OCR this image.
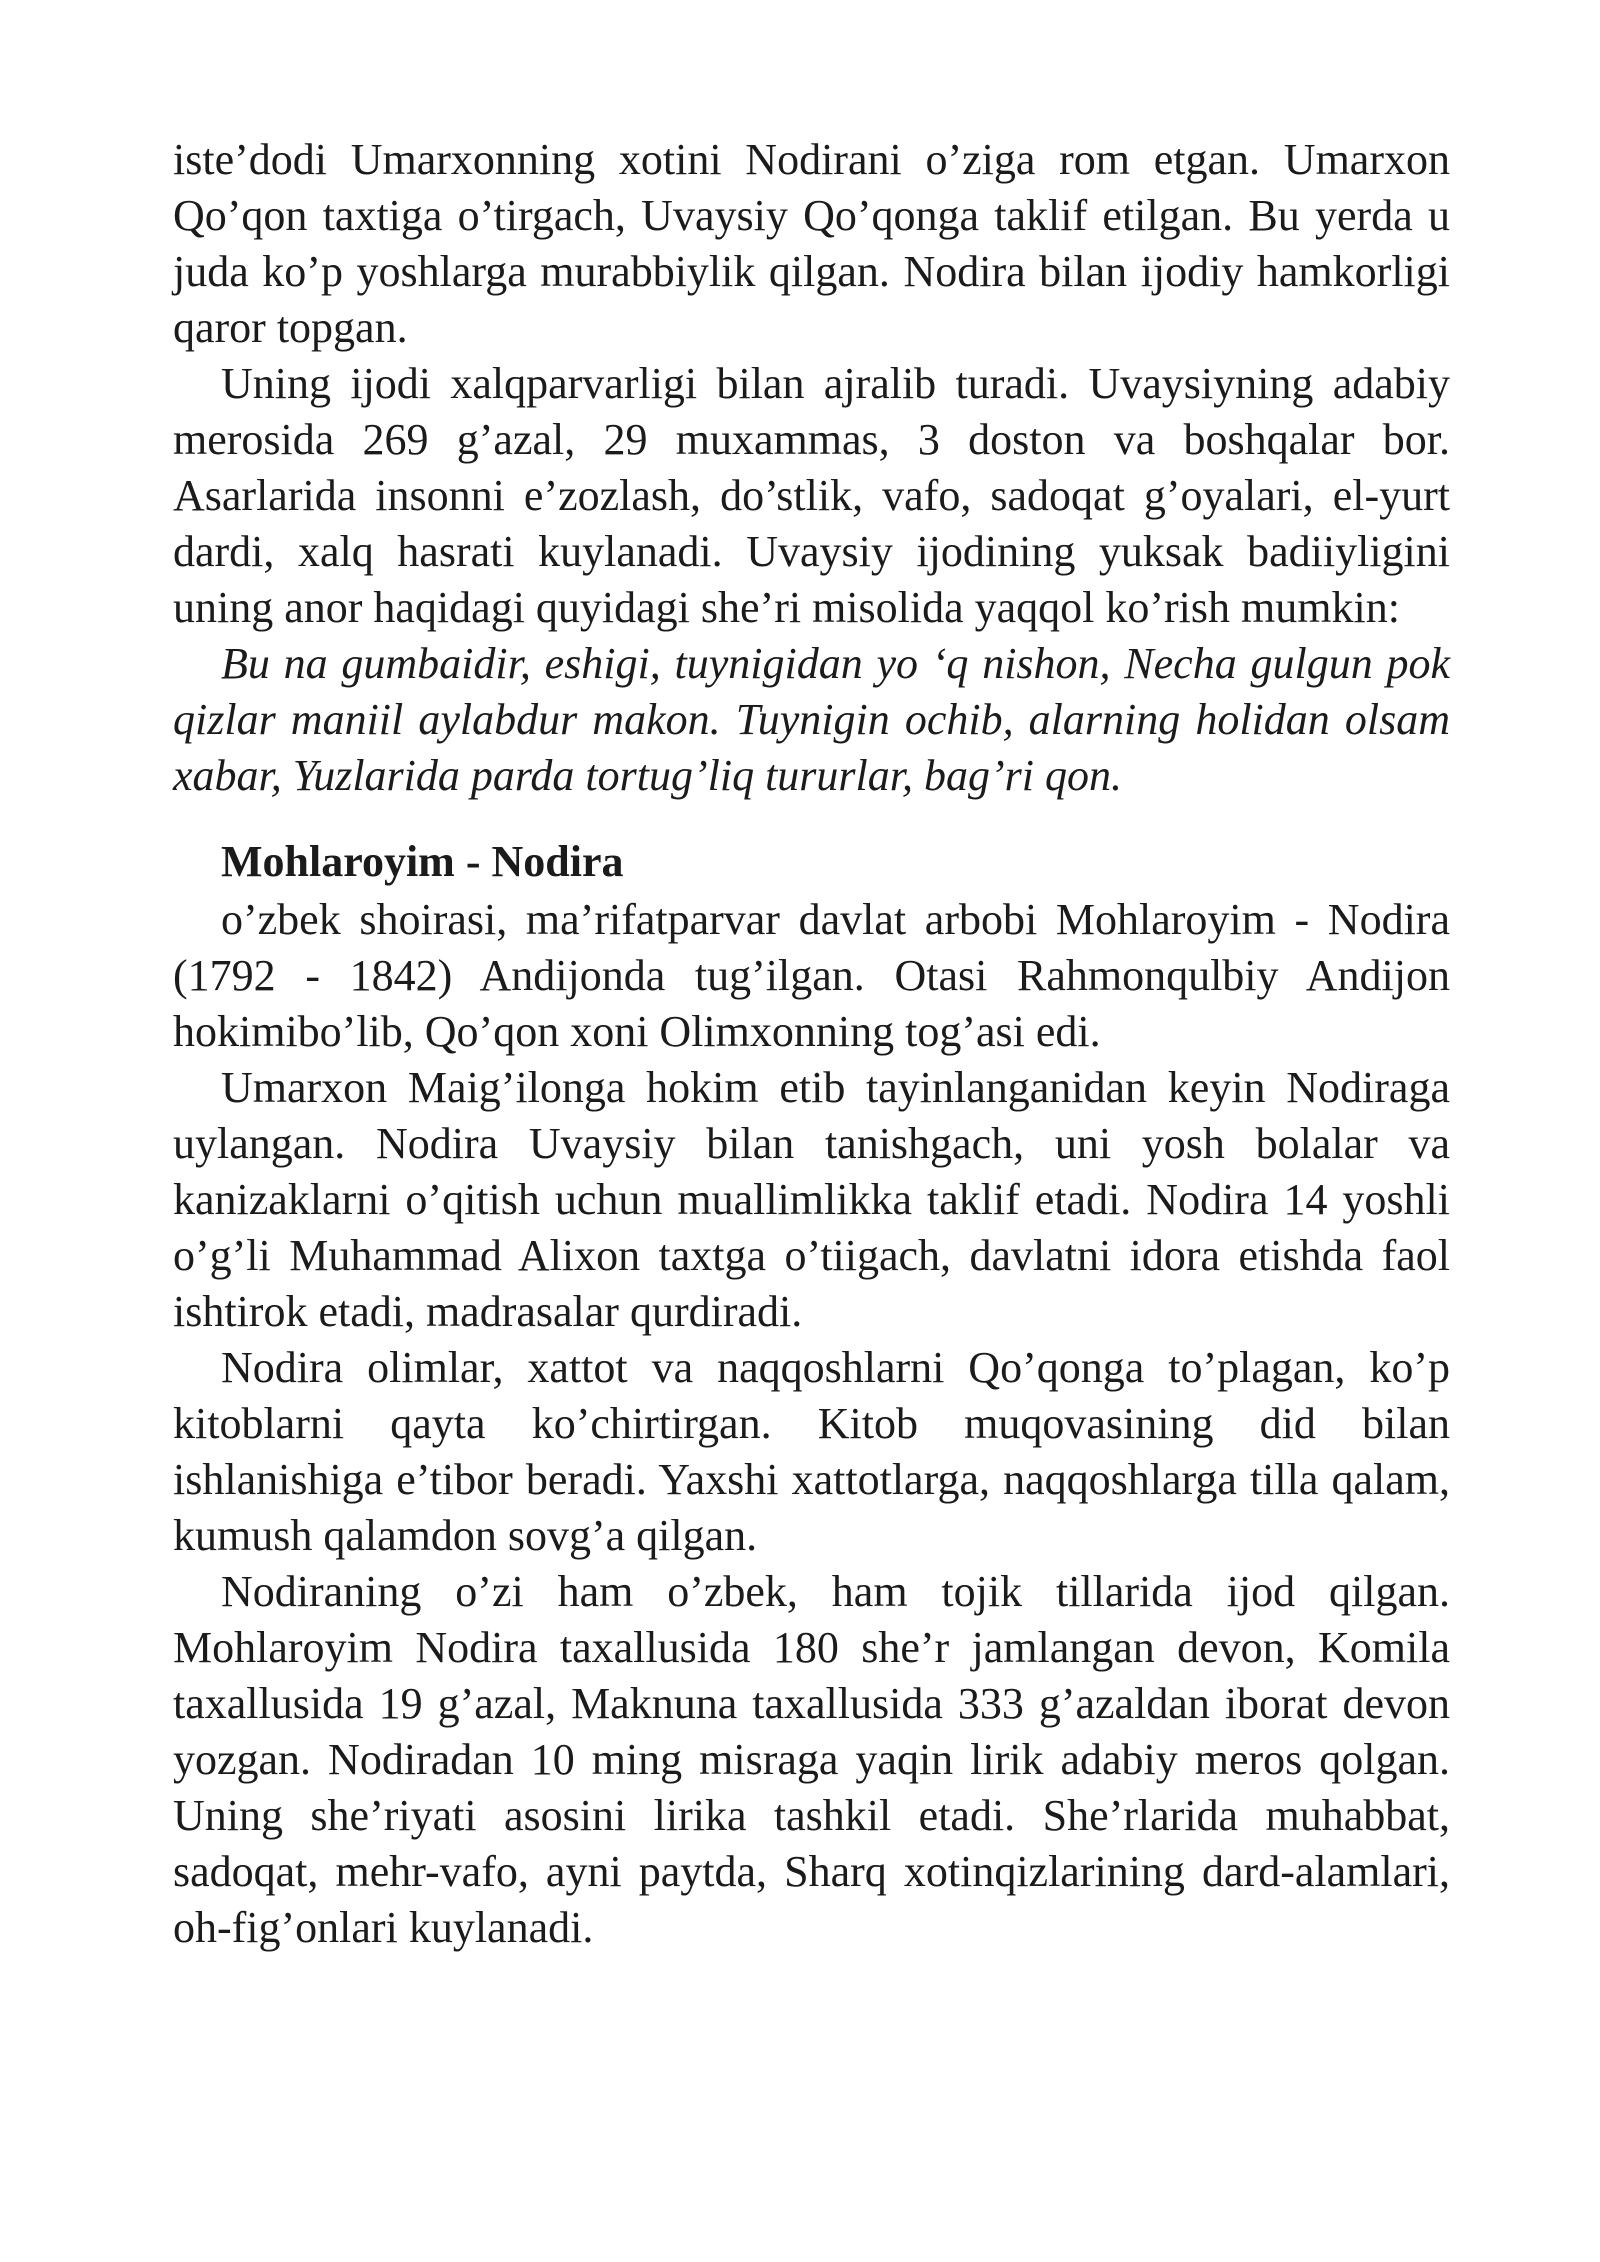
iste’dodi Umarxonning xotini Nodirani o’ziga rom etgan. Umarxon Qo’qon taxtiga o’tirgach, Uvaysiy Qo’qonga taklif etilgan. Bu yerda u juda ko’p yoshlarga murabbiylik qilgan. Nodira bilan ijodiy hamkorligi qaror topgan.

Uning ijodi xalqparvarligi bilan ajralib turadi. Uvaysiyning adabiy merosida 269 g’azal, 29 muxammas, 3 doston va boshqalar bor. Asarlarida insonni e’zozlash, do’stlik, vafo, sadoqat g’oyalari, el-yurt dardi, xalq hasrati kuylanadi. Uvaysiy ijodining yuksak badiiyligini uning anor haqidagi quyidagi she’ri misolida yaqqol ko’rish mumkin:

Bu na gumbaidir, eshigi, tuynigidan yo ‘q nishon, Necha gulgun pok qizlar maniil aylabdur makon. Tuynigin ochib, alarning holidan olsam xabar, Yuzlarida parda tortug’liq tururlar, bag’ri qon.

Mohlaroyim - Nodira

o’zbek shoirasi, ma’rifatparvar davlat arbobi Mohlaroyim - Nodira (1792 - 1842) Andijonda tug’ilgan. Otasi Rahmonqulbiy Andijon hokimibo’lib, Qo’qon xoni Olimxonning tog’asi edi.

Umarxon Maig’ilonga hokim etib tayinlanganidan keyin Nodiraga uylangan. Nodira Uvaysiy bilan tanishgach, uni yosh bolalar va kanizaklarni o’qitish uchun muallimlikka taklif etadi. Nodira 14 yoshli o’g’li Muhammad Alixon taxtga o’tiigach, davlatni idora etishda faol ishtirok etadi, madrasalar qurdiradi.

Nodira olimlar, xattot va naqqoshlarni Qo’qonga to’plagan, ko’p kitoblarni qayta ko’chirtirgan. Kitob muqovasining did bilan ishlanishiga e’tibor beradi. Yaxshi xattotlarga, naqqoshlarga tilla qalam, kumush qalamdon sovg’a qilgan.

Nodiraning o’zi ham o’zbek, ham tojik tillarida ijod qilgan. Mohlaroyim Nodira taxallusida 180 she’r jamlangan devon, Komila taxallusida 19 g’azal, Maknuna taxallusida 333 g’azaldan iborat devon yozgan. Nodiradan 10 ming misraga yaqin lirik adabiy meros qolgan. Uning she’riyati asosini lirika tashkil etadi. She’rlarida muhabbat, sadoqat, mehr-vafo, ayni paytda, Sharq xotinqizlarining dard-alamlari, oh-fig’onlari kuylanadi.
